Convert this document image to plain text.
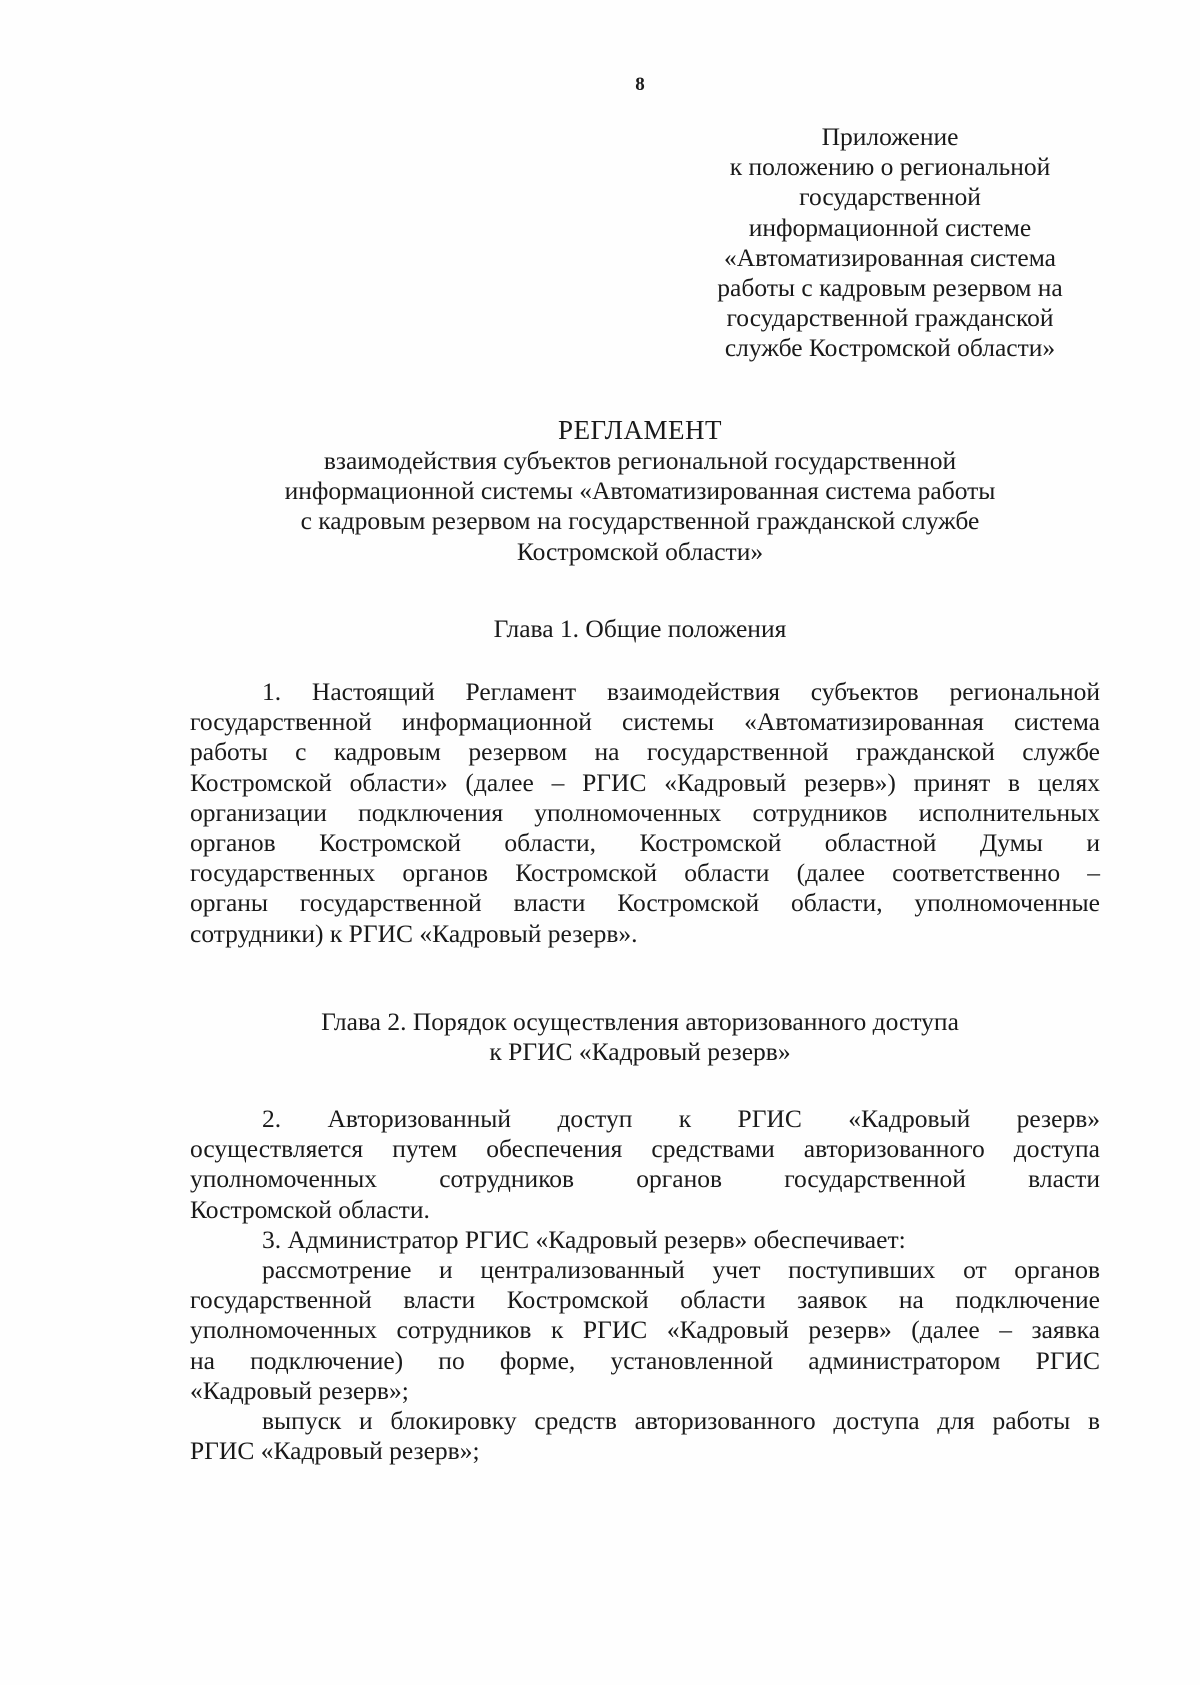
8
Приложение
к положению о региональной
государственной
информационной системе
«Автоматизированная система
работы с кадровым резервом на
государственной гражданской
службе Костромской области»
РЕГЛАМЕНТ
взаимодействия субъектов региональной государственной
информационной системы «Автоматизированная система работы
с кадровым резервом на государственной гражданской службе
Костромской области»
Глава 1. Общие положения
1. Настоящий Регламент взаимодействия субъектов региональной
государственной информационной системы «Автоматизированная система
работы с кадровым резервом на государственной гражданской службе
Костромской области» (далее – РГИС «Кадровый резерв») принят в целях
организации подключения уполномоченных сотрудников исполнительных
органов Костромской области, Костромской областной Думы и
государственных органов Костромской области (далее соответственно –
органы государственной власти Костромской области, уполномоченные
сотрудники) к РГИС «Кадровый резерв».
Глава 2. Порядок осуществления авторизованного доступа
к РГИС «Кадровый резерв»
2. Авторизованный доступ к РГИС «Кадровый резерв»
осуществляется путем обеспечения средствами авторизованного доступа
уполномоченных сотрудников органов государственной власти
Костромской области.
3. Администратор РГИС «Кадровый резерв» обеспечивает:
рассмотрение и централизованный учет поступивших от органов
государственной власти Костромской области заявок на подключение
уполномоченных сотрудников к РГИС «Кадровый резерв» (далее – заявка
на подключение) по форме, установленной администратором РГИС
«Кадровый резерв»;
выпуск и блокировку средств авторизованного доступа для работы в
РГИС «Кадровый резерв»;
